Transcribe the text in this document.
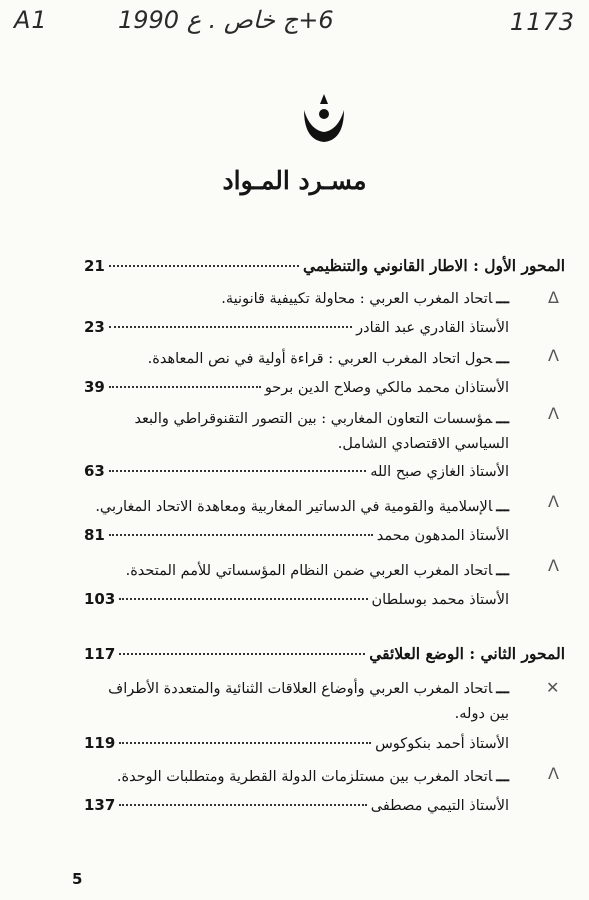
A1	6+ج خاص . ع 1990	1173
مسـرد المـواد
المحور الأول : الاطار القانوني والتنظيمي
21
Δ
ـــاتحاد المغرب العربي : محاولة تكييفية قانونية.
الأستاذ القادري عبد القادر
23
Λ
ـــحول اتحاد المغرب العربي : قراءة أولية في نص المعاهدة.
الأستاذان محمد مالكي وصلاح الدين برحو
39
Λ
ـــمؤسسات التعاون المغاربي : بين التصور التقنوقراطي والبعد
السياسي الاقتصادي الشامل.
الأستاذ الغازي صبح الله
63
Λ
ـــالإسلامية والقومية في الدساتير المغاربية ومعاهدة الاتحاد المغاربي.
الأستاذ المدهون محمد
81
Λ
ـــاتحاد المغرب العربي ضمن النظام المؤسساتي للأمم المتحدة.
الأستاذ محمد بوسلطان
103
المحور الثاني : الوضع العلائقي
117
✕
ـــاتحاد المغرب العربي وأوضاع العلاقات الثنائية والمتعددة الأطراف
بين دوله.
الأستاذ أحمد بنكوكوس
119
Λ
ـــاتحاد المغرب بين مستلزمات الدولة القطرية ومتطلبات الوحدة.
الأستاذ التيمي مصطفى
137
5
